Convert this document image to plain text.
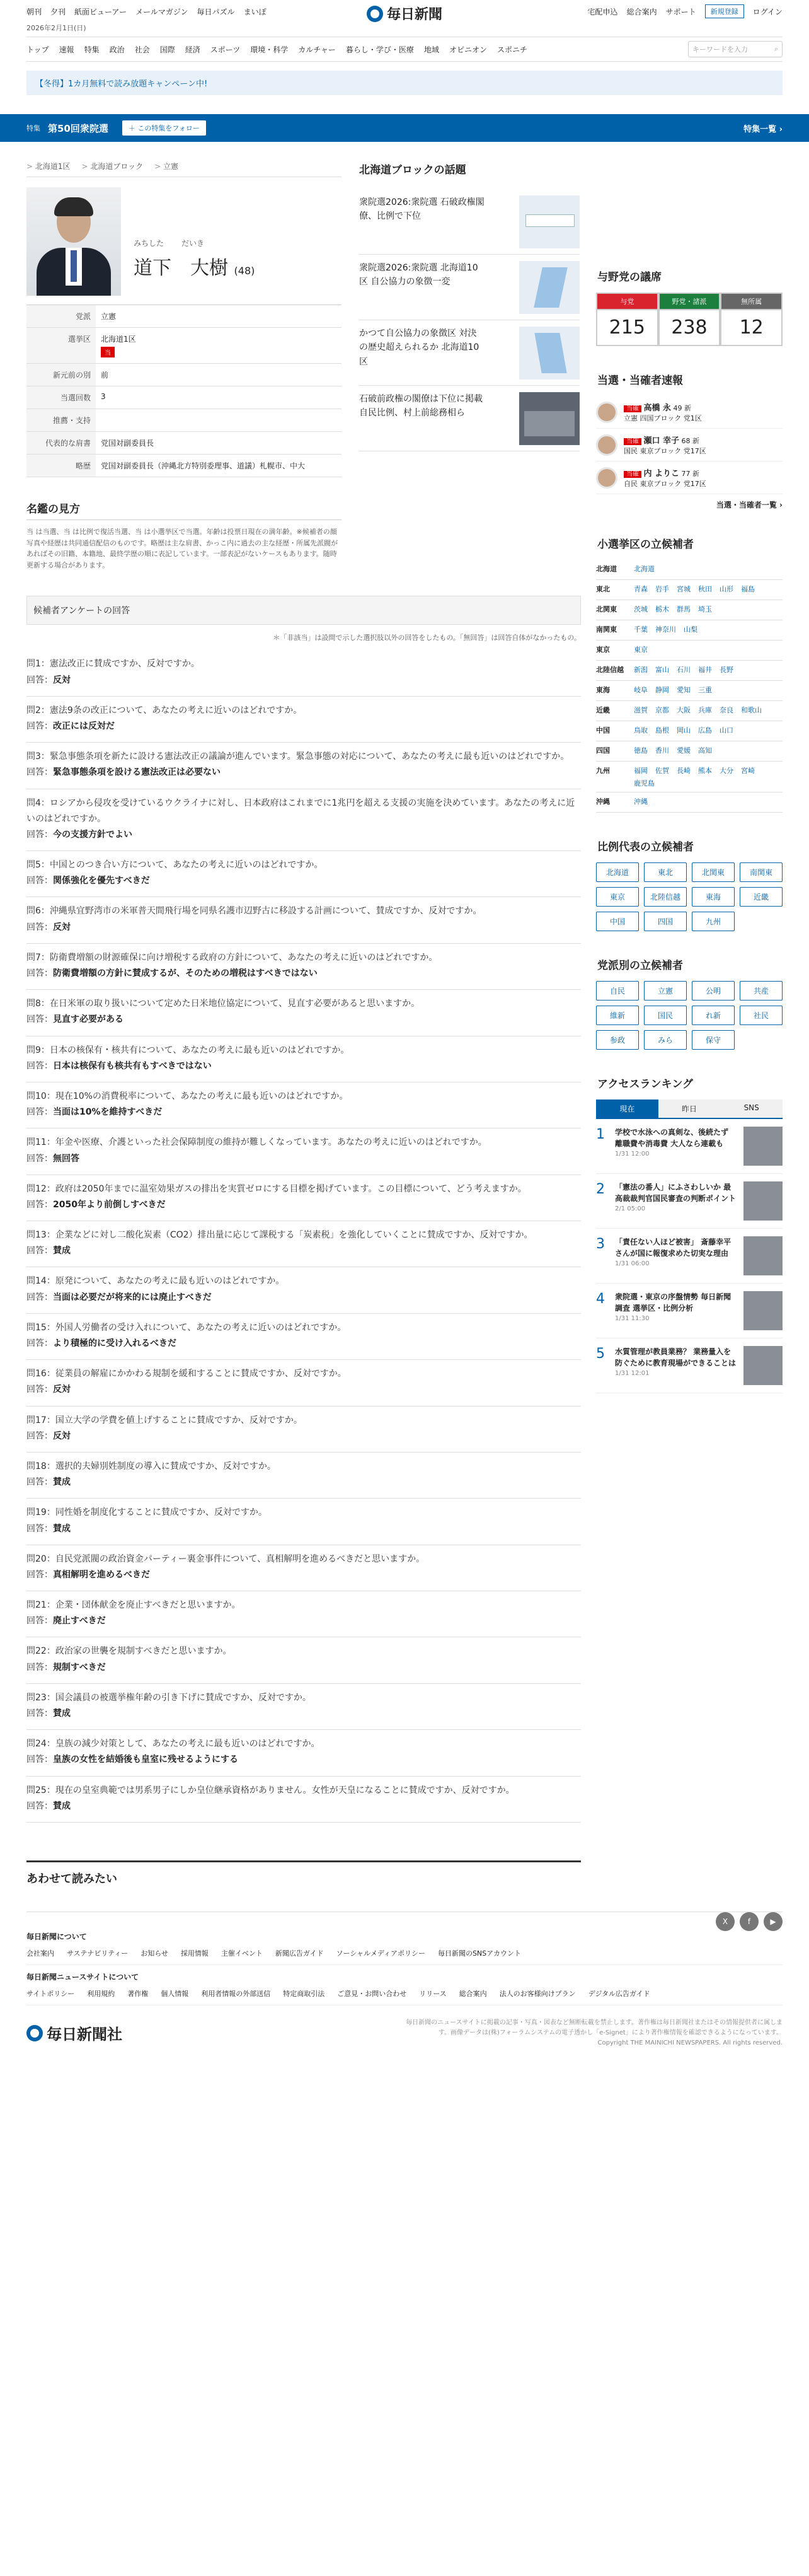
朝刊 夕刊 紙面ビューアー メールマガジン 毎日パズル まいぽ	毎日新聞	宅配申込 総合案内 サポート	新規登録	ログイン
2026年2月1日(日)
トップ 速報 特集 政治 社会 国際 経済 スポーツ 環境・科学 カルチャー 暮らし・学び・医療 地域 オピニオン スポニチ	キーワードを入力	⌕
【冬得】1カ月無料で読み放題キャンペーン中!
特集 第50回衆院選	＋ この特集をフォロー	特集一覧 ›
> 北海道1区	> 北海道ブロック	> 立憲
みちした だいき
道下　 大樹 (48)
党派	立憲

選挙区	北海道1区
当
新元前の別	前

当選回数	3

推薦・支持	

代表的な肩書	党国対副委員長

略歴	党国対副委員長（沖縄北方特別委理事、道議）札幌市、中大
名鑑の見方

当 は当選、当 は比例で復活当選、当 は小選挙区で当選。年齢は投票日現在の満年齢。※候補者の顔写真や経歴は共同通信配信のものです。略歴は主な肩書、かっこ内に過去の主な経歴・所属先派閥があればその旧籍、本籍地、最終学歴の順に表記しています。一部表記がないケースもあります。随時更新する場合があります。

北海道ブロックの話題
衆院選2026:衆院選 石破政権閣僚、比例で下位
衆院選2026:衆院選 北海道10区 自公協力の象徴一変
かつて自公協力の象徴区 対決の歴史超えられるか 北海道10区
石破前政権の閣僚は下位に掲載 自民比例、村上前総務相ら
候補者アンケートの回答
＊「非該当」は設問で示した選択肢以外の回答をしたもの。「無回答」は回答自体がなかったもの。
問1：憲法改正に賛成ですか、反対ですか。
回答：反対
問2：憲法9条の改正について、あなたの考えに近いのはどれですか。
回答：改正には反対だ
問3：緊急事態条項を新たに設ける憲法改正の議論が進んでいます。緊急事態の対応について、あなたの考えに最も近いのはどれですか。
回答：緊急事態条項を設ける憲法改正は必要ない
問4：ロシアから侵攻を受けているウクライナに対し、日本政府はこれまでに1兆円を超える支援の実施を決めています。あなたの考えに近いのはどれですか。
回答：今の支援方針でよい
問5：中国とのつき合い方について、あなたの考えに近いのはどれですか。
回答：関係強化を優先すべきだ
問6：沖縄県宜野湾市の米軍普天間飛行場を同県名護市辺野古に移設する計画について、賛成ですか、反対ですか。
回答：反対
問7：防衛費増額の財源確保に向け増税する政府の方針について、あなたの考えに近いのはどれですか。
回答：防衛費増額の方針に賛成するが、そのための増税はすべきではない
問8：在日米軍の取り扱いについて定めた日米地位協定について、見直す必要があると思いますか。
回答：見直す必要がある
問9：日本の核保有・核共有について、あなたの考えに最も近いのはどれですか。
回答：日本は核保有も核共有もすべきではない
問10：現在10%の消費税率について、あなたの考えに最も近いのはどれですか。
回答：当面は10%を維持すべきだ
問11：年金や医療、介護といった社会保障制度の維持が難しくなっています。あなたの考えに近いのはどれですか。
回答：無回答
問12：政府は2050年までに温室効果ガスの排出を実質ゼロにする目標を掲げています。この目標について、どう考えますか。
回答：2050年より前倒しすべきだ
問13：企業などに対し二酸化炭素（CO2）排出量に応じて課税する「炭素税」を強化していくことに賛成ですか、反対ですか。
回答：賛成
問14：原発について、あなたの考えに最も近いのはどれですか。
回答：当面は必要だが将来的には廃止すべきだ
問15：外国人労働者の受け入れについて、あなたの考えに近いのはどれですか。
回答：より積極的に受け入れるべきだ
問16：従業員の解雇にかかわる規制を緩和することに賛成ですか、反対ですか。
回答：反対
問17：国立大学の学費を値上げすることに賛成ですか、反対ですか。
回答：反対
問18：選択的夫婦別姓制度の導入に賛成ですか、反対ですか。
回答：賛成
問19：同性婚を制度化することに賛成ですか、反対ですか。
回答：賛成
問20：自民党派閥の政治資金パーティー裏金事件について、真相解明を進めるべきだと思いますか。
回答：真相解明を進めるべきだ
問21：企業・団体献金を廃止すべきだと思いますか。
回答：廃止すべきだ
問22：政治家の世襲を規制すべきだと思いますか。
回答：規制すべきだ
問23：国会議員の被選挙権年齢の引き下げに賛成ですか、反対ですか。
回答：賛成
問24：皇族の減少対策として、あなたの考えに最も近いのはどれですか。
回答：皇族の女性を結婚後も皇室に残せるようにする
問25：現在の皇室典範では男系男子にしか皇位継承資格がありません。女性が天皇になることに賛成ですか、反対ですか。
回答：賛成
あわせて読みたい
与野党の議席
与党
215
野党・諸派
238
無所属
12
当選・当確者速報
当確 高橋 永 49 新
立憲 四国ブロック 党1区
当確 瀬口 幸子 68 新
国民 東京ブロック 党17区
当確 内 よりこ 77 新
自民 東京ブロック 党17区
当選・当確者一覧 ›
小選挙区の立候補者
北海道	北海道
東北	青森 岩手 宮城 秋田 山形 福島
北関東	茨城 栃木 群馬 埼玉
南関東	千葉 神奈川 山梨
東京	東京
北陸信越	新潟 富山 石川 福井 長野
東海	岐阜 静岡 愛知 三重
近畿	滋賀 京都 大阪 兵庫 奈良 和歌山
中国	鳥取 島根 岡山 広島 山口
四国	徳島 香川 愛媛 高知
九州	福岡 佐賀 長崎 熊本 大分 宮崎
鹿児島
沖縄	沖縄
比例代表の立候補者
北海道	東北	北関東	南関東
東京	北陸信越	東海	近畿
中国	四国	九州
党派別の立候補者
自民	立憲	公明	共産
維新	国民	れ新	社民
参政	みら	保守
アクセスランキング
現在	昨日	SNS
1	学校で水泳への真剣な、後続たず 離職費や消毒費 大人なら連載も
1/31 12:00
2	「憲法の番人」にふさわしいか 最高裁裁判官国民審査の判断ポイント
2/1 05:00
3	「責任ない人ほど被害」 斎藤幸平さんが国に報復求めた切実な理由
1/31 06:00
4	衆院選・東京の序盤情勢 毎日新聞調査 選挙区・比例分析
1/31 11:30
5	水質管理が教員業務？ 業務量入を防ぐために教育現場ができることは
1/31 12:01
X	f	▶
毎日新聞について
会社案内 サステナビリティー お知らせ 採用情報 主催イベント 新聞広告ガイド ソーシャルメディアポリシー 毎日新聞のSNSアカウント
毎日新聞ニュースサイトについて
サイトポリシー 利用規約 著作権 個人情報 利用者情報の外部送信 特定商取引法 ご意見・お問い合わせ リリース 総合案内 法人のお客様向けプラン デジタル広告ガイド
毎日新聞社
毎日新聞のニュースサイトに掲載の記事・写真・図表など無断転載を禁止します。著作権は毎日新聞社またはその情報提供者に属します。画像データは(株)フォーラムシステムの電子透かし「e-Signet」により著作権情報を確認できるようになっています。
Copyright THE MAINICHI NEWSPAPERS. All rights reserved.
